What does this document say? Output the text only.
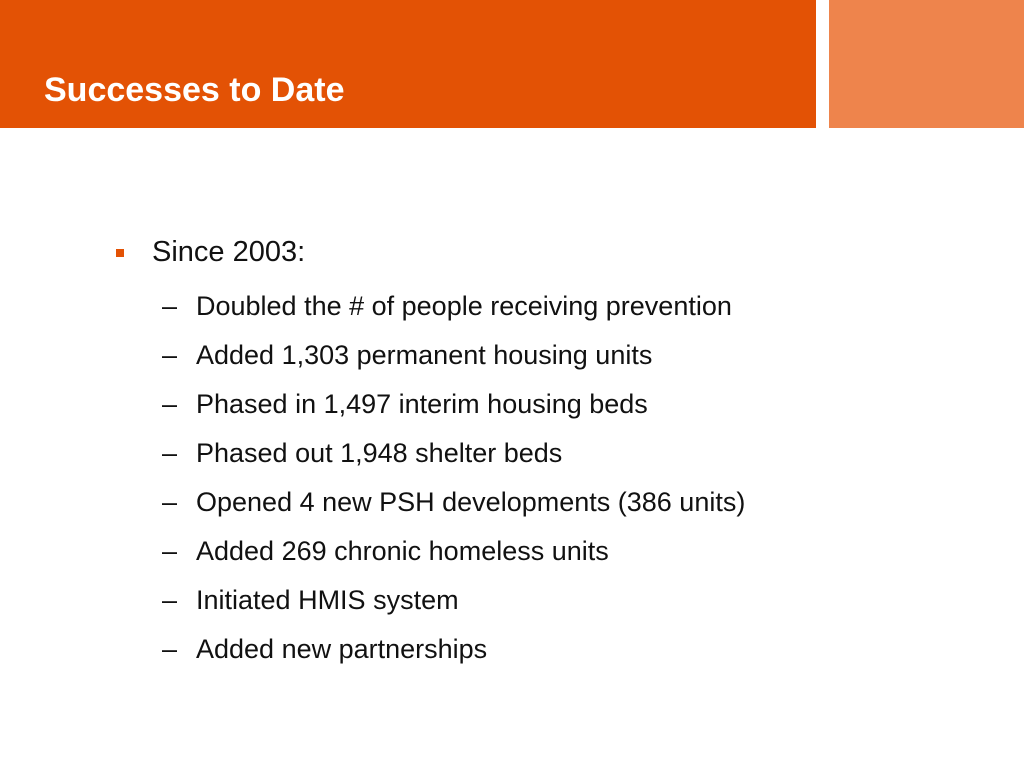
Successes to Date
Since 2003:
– Doubled the # of people receiving prevention
– Added 1,303 permanent housing units
– Phased in 1,497 interim housing beds
– Phased out 1,948 shelter beds
– Opened 4 new PSH developments (386 units)
– Added 269 chronic homeless units
– Initiated HMIS system
– Added new partnerships
